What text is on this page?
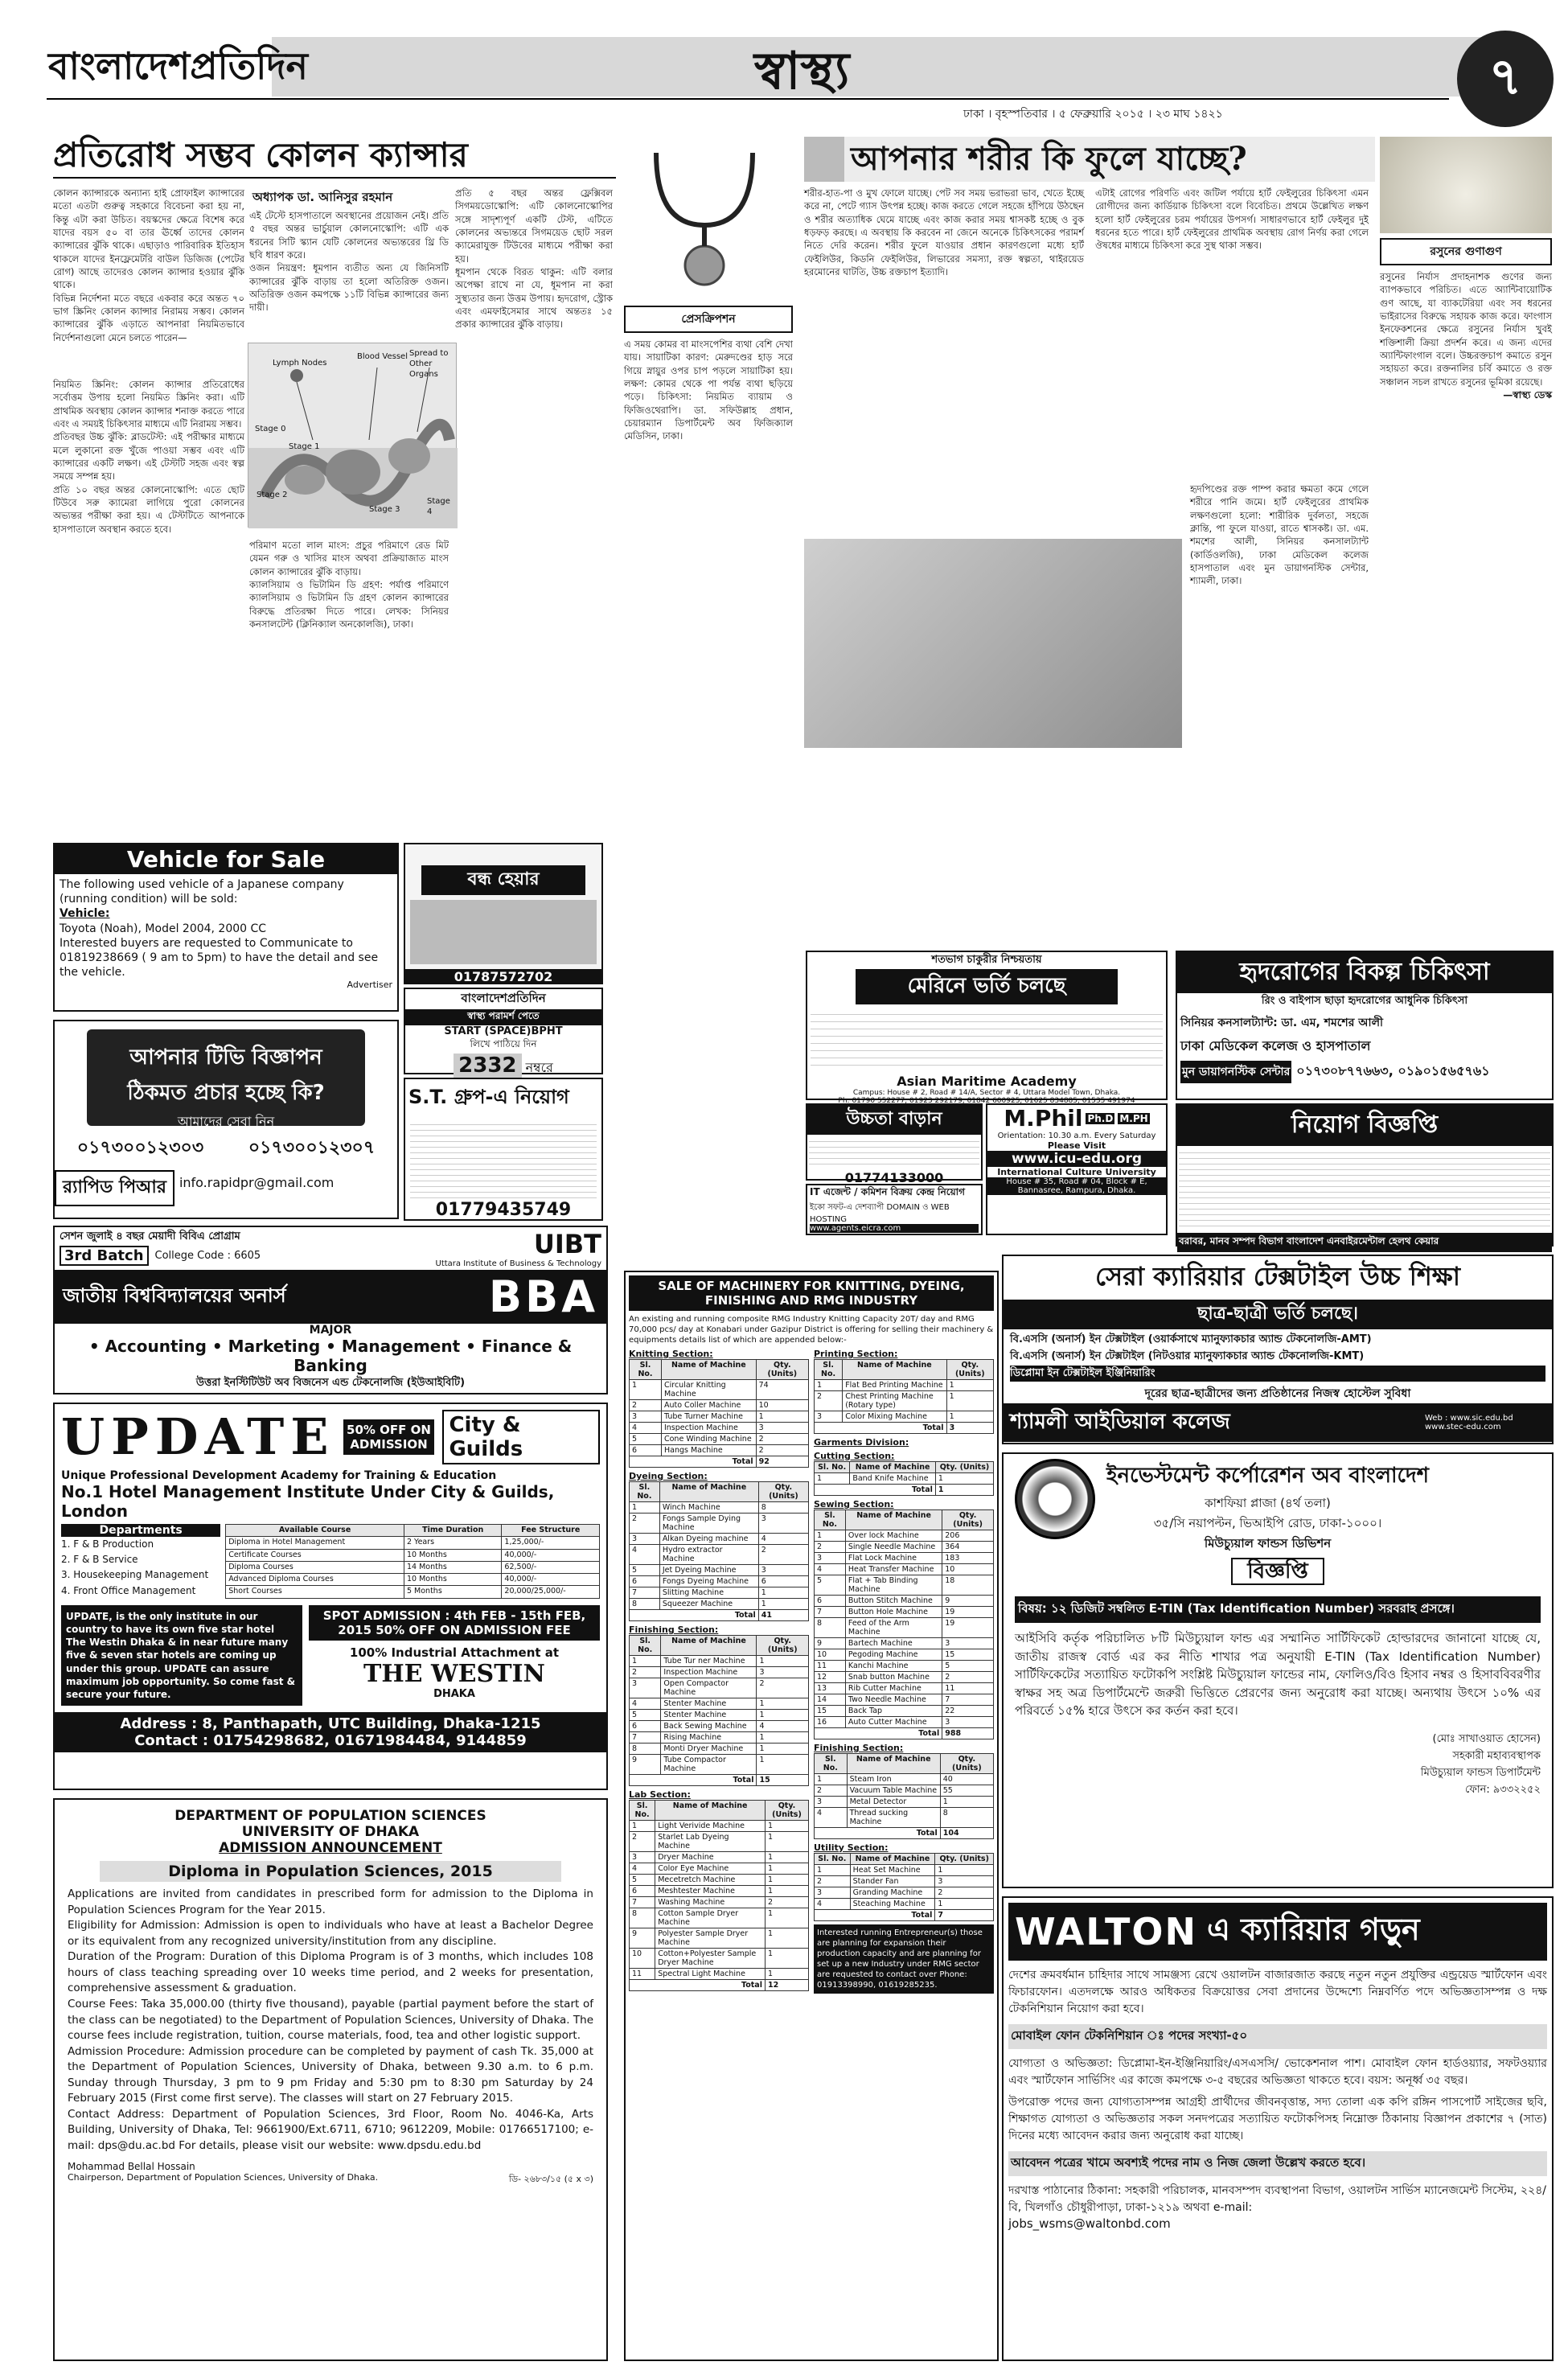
বাংলাদেশপ্রতিদিন	স্বাস্থ্য	৭
ঢাকা । বৃহস্পতিবার । ৫ ফেব্রুয়ারি ২০১৫ । ২৩ মাঘ ১৪২১
প্রতিরোধ সম্ভব কোলন ক্যান্সার
অধ্যাপক ডা. আনিসুর রহমান

কোলন ক্যান্সারকে অন্যান্য হাই প্রোফাইল ক্যান্সারের মতো এতটা গুরুত্ব সহকারে বিবেচনা করা হয় না, কিন্তু এটা করা উচিত। বয়স্কদের ক্ষেত্রে বিশেষ করে যাদের বয়স ৫০ বা তার ঊর্ধ্বে তাদের কোলন ক্যান্সারের ঝুঁকি থাকে। এছাড়াও পারিবারিক ইতিহাস থাকলে যাদের ইনফ্লেমেটরি বাউল ডিজিজ (পেটের রোগ) আছে তাদেরও কোলন ক্যান্সার হওয়ার ঝুঁকি থাকে।

বিভিন্ন নির্দেশনা মতে বছরে একবার করে অন্তত ৭০ ভাগ স্ক্রিনিং কোলন ক্যান্সার নিরাময় সম্ভব। কোলন ক্যান্সারের ঝুঁকি এড়াতে আপনারা নিয়মিতভাবে নির্দেশনাগুলো মেনে চলতে পারেন—

Lymph Nodes
Blood Vessel Spread to Other Organs
Stage 0
Stage 1
Stage 2
Stage 3
Stage 4

নিয়মিত স্ক্রিনিং: কোলন ক্যান্সার প্রতিরোধের সর্বোত্তম উপায় হলো নিয়মিত স্ক্রিনিং করা। এটি প্রাথমিক অবস্থায় কোলন ক্যান্সার শনাক্ত করতে পারে এবং এ সময়ই চিকিৎসার মাধ্যমে এটি নিরাময় সম্ভব।

প্রতিবছর উচ্চ ঝুঁকি: ব্লাডটেস্ট: এই পরীক্ষার মাধ্যমে মলে লুকানো রক্ত খুঁজে পাওয়া সম্ভব এবং এটি ক্যান্সারের একটি লক্ষণ। এই টেস্টটি সহজ এবং স্বল্প সময়ে সম্পন্ন হয়।

প্রতি ১০ বছর অন্তর কোলনোস্কোপি: এতে ছোট টিউবে সরু ক্যামেরা লাগিয়ে পুরো কোলনের অভ্যন্তর পরীক্ষা করা হয়। এ টেস্টটিতে আপনাকে হাসপাতালে অবস্থান করতে হবে।

এই টেস্টে হাসপাতালে অবস্থানের প্রয়োজন নেই। প্রতি ৫ বছর অন্তর ভার্চুয়াল কোলনোস্কোপি: এটি এক ধরনের সিটি স্ক্যান যেটি কোলনের অভ্যন্তরের থ্রি ডি ছবি ধারণ করে।

ওজন নিয়ন্ত্রণ: ধূমপান ব্যতীত অন্য যে জিনিসটি ক্যান্সারের ঝুঁকি বাড়ায় তা হলো অতিরিক্ত ওজন। অতিরিক্ত ওজন কমপক্ষে ১১টি বিভিন্ন ক্যান্সারের জন্য দায়ী।

পরিমাণ মতো লাল মাংস: প্রচুর পরিমাণে রেড মিট যেমন গরু ও খাসির মাংস অথবা প্রক্রিয়াজাত মাংস কোলন ক্যান্সারের ঝুঁকি বাড়ায়।

ক্যালসিয়াম ও ভিটামিন ডি গ্রহণ: পর্যাপ্ত পরিমাণে ক্যালসিয়াম ও ভিটামিন ডি গ্রহণ কোলন ক্যান্সারের বিরুদ্ধে প্রতিরক্ষা দিতে পারে। লেখক: সিনিয়র কনসালটেন্ট (ক্লিনিক্যাল অনকোলজি), ঢাকা।

প্রতি ৫ বছর অন্তর ফ্লেক্সিবল সিগময়ডোস্কোপি: এটি কোলনোস্কোপির সঙ্গে সাদৃশ্যপূর্ণ একটি টেস্ট, এটিতে কোলনের অভ্যন্তরে সিগময়েড ছোট সরল ক্যামেরাযুক্ত টিউবের মাধ্যমে পরীক্ষা করা হয়।

ধূমপান থেকে বিরত থাকুন: এটি বলার অপেক্ষা রাখে না যে, ধূমপান না করা সুস্থ্যতার জন্য উত্তম উপায়। হৃদরোগ, স্ট্রোক এবং এমফাইসেমার সাথে অন্ততঃ ১৫ প্রকার ক্যান্সারের ঝুঁকি বাড়ায়।	প্রেসক্রিপশন
এ সময় কোমর বা মাংসপেশির ব্যথা বেশি দেখা যায়। সায়াটিকা কারণ: মেরুদণ্ডের হাড় সরে গিয়ে স্নায়ুর ওপর চাপ পড়লে সায়াটিকা হয়। লক্ষণ: কোমর থেকে পা পর্যন্ত ব্যথা ছড়িয়ে পড়ে। চিকিৎসা: নিয়মিত ব্যায়াম ও ফিজিওথেরাপি। ডা. সফিউল্লাহ প্রধান, চেয়ারম্যান ডিপার্টমেন্ট অব ফিজিক্যাল মেডিসিন, ঢাকা।
আপনার শরীর কি ফুলে যাচ্ছে?
শরীর-হাত-পা ও মুখ ফোলে যাচ্ছে। পেট সব সময় ভরাভরা ভাব, খেতে ইচ্ছে করে না, পেটে গ্যাস উৎপন্ন হচ্ছে। কাজ করতে গেলে সহজে হাঁপিয়ে উঠছেন ও শরীর অত্যাধিক ঘেমে যাচ্ছে এবং কাজ করার সময় শ্বাসকষ্ট হচ্ছে ও বুক ধড়ফড় করছে। এ অবস্থায় কি করবেন না জেনে অনেকে চিকিৎসকের পরামর্শ নিতে দেরি করেন। শরীর ফুলে যাওয়ার প্রধান কারণগুলো মধ্যে হার্ট ফেইলিউর, কিডনি ফেইলিউর, লিভারের সমস্যা, রক্ত স্বল্পতা, থাইরয়েড হরমোনের ঘাটতি, উচ্চ রক্তচাপ ইত্যাদি।
এটাই রোগের পরিণতি এবং জটিল পর্যায়ে হার্ট ফেইলুরের চিকিৎসা এমন রোগীদের জন্য কার্ডিয়াক চিকিৎসা বলে বিবেচিত। প্রথমে উল্লেখিত লক্ষণ হলো হার্ট ফেইলুরের চরম পর্যায়ের উপসর্গ। সাধারণভাবে হার্ট ফেইলুর দুই ধরনের হতে পারে। হার্ট ফেইলুরের প্রাথমিক অবস্থায় রোগ নির্ণয় করা গেলে ঔষধের মাধ্যমে চিকিৎসা করে সুস্থ থাকা সম্ভব।
হৃদপিণ্ডের রক্ত পাম্প করার ক্ষমতা কমে গেলে শরীরে পানি জমে। হার্ট ফেইলুরের প্রাথমিক লক্ষণগুলো হলো: শারীরিক দুর্বলতা, সহজে ক্লান্তি, পা ফুলে যাওয়া, রাতে শ্বাসকষ্ট। ডা. এম. শমশের আলী, সিনিয়র কনসালট্যান্ট (কার্ডিওলজি), ঢাকা মেডিকেল কলেজ হাসপাতাল এবং মুন ডায়াগনস্টিক সেন্টার, শ্যামলী, ঢাকা।
রসুনের গুণাগুণ
রসুনের নির্যাস প্রদাহনাশক গুণের জন্য ব্যাপকভাবে পরিচিত। এতে অ্যান্টিবায়োটিক গুণ আছে, যা ব্যাকটেরিয়া এবং সব ধরনের ভাইরাসের বিরুদ্ধে সহায়ক কাজ করে। ফাংগাস ইনফেকশনের ক্ষেত্রে রসুনের নির্যাস খুবই শক্তিশালী ক্রিয়া প্রদর্শন করে। এ জন্য এদের অ্যান্টিফাংগাল বলে। উচ্চরক্তচাপ কমাতে রসুন সহায়তা করে। রক্তনালির চর্বি কমাতে ও রক্ত সঞ্চালন সচল রাখতে রসুনের ভূমিকা রয়েছে।
—স্বাস্থ্য ডেস্ক
Vehicle for Sale
The following used vehicle of a Japanese company
(running condition) will be sold:
Vehicle:
Toyota (Noah), Model 2004, 2000 CC
Interested buyers are requested to Communicate to 01819238669 ( 9 am to 5pm) to have the detail and see the vehicle.
Advertiser
বন্ধ হেয়ার
01787572702
বাংলাদেশপ্রতিদিন
স্বাস্থ্য পরামর্শ পেতে
START (SPACE)BPHT
লিখে পাঠিয়ে দিন
2332 নম্বরে
আপনার টিভি বিজ্ঞাপন
ঠিকমত প্রচার হচ্ছে কি?
আমাদের সেবা নিন
০১৭৩০০১২৩০৩	০১৭৩০০১২৩০৭
র‌্যাপিড পিআর	info.rapidpr@gmail.com
S.T. গ্রুপ-এ নিয়োগ
01779435749
সেশন জুলাই ৪ বছর মেয়াদী বিবিএ প্রোগ্রাম
3rd Batch	College Code : 6605	UIBT
Uttara Institute of Business & Technology
জাতীয় বিশ্ববিদ্যালয়ের অনার্স	BBA
MAJOR
• Accounting • Marketing • Management • Finance & Banking
উত্তরা ইনস্টিটিউট অব বিজনেস এন্ড টেকনোলজি (ইউআইবিটি)
UPDATE 50% OFF ON ADMISSION
City & Guilds
Unique Professional Development Academy for Training & Education
No.1 Hotel Management Institute Under City & Guilds, London
Departments
1. F & B Production
2. F & B Service
3. Housekeeping Management
4. Front Office Management
Available Course	Time Duration	Fee Structure
Diploma in Hotel Management	2 Years	1,25,000/-
Certificate Courses	10 Months	40,000/-
Diploma Courses	14 Months	62,500/-
Advanced Diploma Courses	10 Months	40,000/-
Short Courses	5 Months	20,000/25,000/-
UPDATE, is the only institute in our country to have its own five star hotel The Westin Dhaka & in near future many five & seven star hotels are coming up under this group. UPDATE can assure maximum job opportunity. So come fast & secure your future.
SPOT ADMISSION : 4th FEB - 15th FEB, 2015 50% OFF ON ADMISSION FEE
100% Industrial Attachment at
THE WESTIN
DHAKA
Address : 8, Panthapath, UTC Building, Dhaka-1215
Contact : 01754298682, 01671984484, 9144859
DEPARTMENT OF POPULATION SCIENCES
UNIVERSITY OF DHAKA
ADMISSION ANNOUNCEMENT
Diploma in Population Sciences, 2015

Applications are invited from candidates in prescribed form for admission to the Diploma in Population Sciences Program for the Year 2015.

Eligibility for Admission: Admission is open to individuals who have at least a Bachelor Degree or its equivalent from any recognized university/institution from any discipline.

Duration of the Program: Duration of this Diploma Program is of 3 months, which includes 108 hours of class teaching spreading over 10 weeks time period, and 2 weeks for presentation, comprehensive assessment & graduation.

Course Fees: Taka 35,000.00 (thirty five thousand), payable (partial payment before the start of the class can be negotiated) to the Department of Population Sciences, University of Dhaka. The course fees include registration, tuition, course materials, food, tea and other logistic support.

Admission Procedure: Admission procedure can be completed by payment of cash Tk. 35,000 at the Department of Population Sciences, University of Dhaka, between 9.30 a.m. to 6 p.m. Sunday through Thursday, 3 pm to 9 pm Friday and 5:30 pm to 8:30 pm Saturday by 24 February 2015 (First come first serve). The classes will start on 27 February 2015.

Contact Address: Department of Population Sciences, 3rd Floor, Room No. 4046-Ka, Arts Building, University of Dhaka, Tel: 9661900/Ext.6711, 6710; 9612209, Mobile: 01766517100; e-mail: dps@du.ac.bd For details, please visit our website: www.dpsdu.edu.bd

Mohammad Bellal Hossain
Chairperson, Department of Population Sciences, University of Dhaka.	ডি- ২৬৮৩/১৫ (৫ x ৩)
শতভাগ চাকুরীর নিশ্চয়তায়
মেরিনে ভর্তি চলছে
Asian Maritime Academy
Campus: House # 2, Road # 14/A, Sector # 4, Uttara Model Town, Dhaka.
Ph: 01790 552277, 01923 292179, 01842 600925, 01625 834885, 01535 491974
উচ্চতা বাড়ান
01774133000
M.Phil Ph.D M.PH
Orientation: 10.30 a.m. Every Saturday
Please Visit
www.icu-edu.org
International Culture University
House # 35, Road # 04, Block # E, Bannasree, Rampura, Dhaka.
IT এজেন্ট / কমিশন বিক্রয় কেন্দ্র নিয়োগ
ইকো সফট-এ দেশব্যাপী DOMAIN ও WEB HOSTING
www.agents.eicra.com
SALE OF MACHINERY FOR KNITTING, DYEING, FINISHING AND RMG INDUSTRY
An existing and running composite RMG Industry Knitting Capacity 20T/ day and RMG 70,000 pcs/ day at Konabari under Gazipur District is offering for selling their machinery & equipments details list of which are appended below:-
Knitting Section:
Sl. No.	Name of Machine	Qty. (Units)
1	Circular Knitting Machine	74
2	Auto Coller Machine	10
3	Tube Turner Machine	1
4	Inspection Machine	3
5	Cone Winding Machine	2
6	Hangs Machine	2
Total		92
Dyeing Section:
Sl. No.	Name of Machine	Qty. (Units)
1	Winch Machine	8
2	Fongs Sample Dying Machine	3
3	Alkan Dyeing machine	4
4	Hydro extractor Machine	2
5	Jet Dyeing Machine	3
6	Fongs Dyeing Machine	6
7	Slitting Machine	1
8	Squeezer Machine	1
Total		41
Finishing Section:
Sl. No.	Name of Machine	Qty. (Units)
1	Tube Tur ner Machine	1
2	Inspection Machine	3
3	Open Compactor Machine	2
4	Stenter Machine	1
5	Stenter Machine	1
6	Back Sewing Machine	4
7	Rising Machine	1
8	Monti Dryer Machine	1
9	Tube Compactor Machine	1
Total		15
Lab Section:
Sl. No.	Name of Machine	Qty. (Units)
1	Light Verivide Machine	1
2	Starlet Lab Dyeing Machine	1
3	Dryer Machine	1
4	Color Eye Machine	1
5	Mecetretch Machine	1
6	Meshtester Machine	1
7	Washing Machine	2
8	Cotton Sample Dryer Machine	1
9	Polyester Sample Dryer Machine	1
10	Cotton+Polyester Sample Dryer Machine	1
11	Spectral Light Machine	1
Total		12
Printing Section:
Sl. No.	Name of Machine	Qty. (Units)
1	Flat Bed Printing Machine	1
2	Chest Printing Machine (Rotary type)	1
3	Color Mixing Machine	1
Total		3
Garments Division:
Cutting Section:
Sl. No.	Name of Machine	Qty. (Units)
1	Band Knife Machine	1
Total		1
Sewing Section:
Sl. No.	Name of Machine	Qty. (Units)
1	Over lock Machine	206
2	Single Needle Machine	364
3	Flat Lock Machine	183
4	Heat Transfer Machine	10
5	Flat + Tab Binding Machine	18
6	Button Stitch Machine	9
7	Button Hole Machine	19
8	Feed of the Arm Machine	19
9	Bartech Machine	3
10	Pegoding Machine	15
11	Kanchi Machine	5
12	Snab button Machine	2
13	Rib Cutter Machine	11
14	Two Needle Machine	7
15	Back Tap	22
16	Auto Cutter Machine	3
Total		988
Finishing Section:
Sl. No.	Name of Machine	Qty. (Units)
1	Steam Iron	40
2	Vacuum Table Machine	55
3	Metal Detector	1
4	Thread sucking Machine	8
Total		104
Utility Section:
Sl. No.	Name of Machine	Qty. (Units)
1	Heat Set Machine	1
2	Stander Fan	3
3	Granding Machine	2
4	Steaching Machine	1
Total		7
Interested running Entrepreneur(s) those are planning for expansion their production capacity and are planning for set up a new Industry under RMG sector are requested to contact over Phone: 01913398990, 01619285235.
হৃদরোগের বিকল্প চিকিৎসা
রিং ও বাইপাস ছাড়া হৃদরোগের আধুনিক চিকিৎসা
সিনিয়র কনসালট্যান্ট: ডা. এম, শমশের আলী
ঢাকা মেডিকেল কলেজ ও হাসপাতাল
মুন ডায়াগনস্টিক সেন্টার ০১৭৩০৮৭৭৬৬৩, ০১৯০১৫৬৫৭৬১
নিয়োগ বিজ্ঞপ্তি
বরাবর, মানব সম্পদ বিভাগ বাংলাদেশ এনবাইরমেন্টাল হেলথ কেয়ার
সেরা ক্যারিয়ার টেক্সটাইল উচ্চ শিক্ষা
ছাত্র-ছাত্রী ভর্তি চলছে।
বি.এসসি (অনার্স) ইন টেক্সটাইল (ওয়ার্কসাথে ম্যানুফ্যাকচার অ্যান্ড টেকনোলজি-AMT)
বি.এসসি (অনার্স) ইন টেক্সটাইল (নিটওয়ার ম্যানুফ্যাকচার অ্যান্ড টেকনোলজি-KMT)
ডিপ্লোমা ইন টেক্সটাইল ইঞ্জিনিয়ারিং
দূরের ছাত্র-ছাত্রীদের জন্য প্রতিষ্ঠানের নিজস্ব হোস্টেল সুবিধা
শ্যামলী আইডিয়াল কলেজ	Web : www.sic.edu.bd www.stec-edu.com
ইনভেস্টমেন্ট কর্পোরেশন অব বাংলাদেশ
কাশফিয়া প্লাজা (৪র্থ তলা)
৩৫/সি নয়াপল্টন, ভিআইপি রোড, ঢাকা-১০০০।
মিউচ্যুয়াল ফান্ডস ডিভিশন
বিজ্ঞপ্তি
বিষয়: ১২ ডিজিট সম্বলিত E-TIN (Tax Identification Number) সরবরাহ প্রসঙ্গে।
আইসিবি কর্তৃক পরিচালিত ৮টি মিউচ্যুয়াল ফান্ড এর সম্মানিত সার্টিফিকেট হোল্ডারদের জানানো যাচ্ছে যে, জাতীয় রাজস্ব বোর্ড এর কর নীতি শাখার পত্র অনুযায়ী E-TIN (Tax Identification Number) সার্টিফিকেটের সত্যায়িত ফটোকপি সংশ্লিষ্ট মিউচ্যুয়াল ফান্ডের নাম, ফোলিও/বিও হিসাব নম্বর ও হিসাববিবরণীর স্বাক্ষর সহ অত্র ডিপার্টমেন্টে জরুরী ভিত্তিতে প্রেরণের জন্য অনুরোধ করা যাচ্ছে। অন্যথায় উৎসে ১০% এর পরিবর্তে ১৫% হারে উৎসে কর কর্তন করা হবে।
(মোঃ সাখাওয়াত হোসেন)
সহকারী মহাব্যবস্থাপক
মিউচ্যুয়াল ফান্ডস ডিপার্টমেন্ট
ফোন: ৯৩৩২২৫২
WALTON এ ক্যারিয়ার গড়ুন
দেশের ক্রমবর্ধমান চাহিদার সাথে সামঞ্জস্য রেখে ওয়ালটন বাজারজাত করছে নতুন নতুন প্রযুক্তির এন্ড্রয়েড স্মার্টফোন এবং ফিচারফোন। এতদলক্ষে আরও অধিকতর বিক্রয়োত্তর সেবা প্রদানের উদ্দেশ্যে নিম্নবর্ণিত পদে অভিজ্ঞতাসম্পন্ন ও দক্ষ টেকনিশিয়ান নিয়োগ করা হবে।
মোবাইল ফোন টেকনিশিয়ান ঃ পদের সংখ্যা-৫০
যোগ্যতা ও অভিজ্ঞতা: ডিপ্লোমা-ইন-ইঞ্জিনিয়ারিং/এসএসসি/ ভোকেশনাল পাশ। মোবাইল ফোন হার্ডওয়্যার, সফটওয়্যার এবং স্মার্টফোন সার্ভিসিং এর কাজে কমপক্ষে ৩-৫ বছরের অভিজ্ঞতা থাকতে হবে। বয়স: অনূর্ধ্ব ৩৫ বছর।
উপরোক্ত পদের জন্য যোগ্যতাসম্পন্ন আগ্রহী প্রার্থীদের জীবনবৃত্তান্ত, সদ্য তোলা এক কপি রঙ্গিন পাসপোর্ট সাইজের ছবি, শিক্ষাগত যোগ্যতা ও অভিজ্ঞতার সকল সনদপত্রের সত্যায়িত ফটোকপিসহ নিম্নোক্ত ঠিকানায় বিজ্ঞাপন প্রকাশের ৭ (সাত) দিনের মধ্যে আবেদন করার জন্য অনুরোধ করা যাচ্ছে।
আবেদন পত্রের খামে অবশ্যই পদের নাম ও নিজ জেলা উল্লেখ করতে হবে।
দরখাস্ত পাঠানোর ঠিকানা: সহকারী পরিচালক, মানবসম্পদ ব্যবস্থাপনা বিভাগ, ওয়ালটন সার্ভিস ম্যানেজমেন্ট সিস্টেম, ২২৪/ বি, খিলগাঁও চৌধুরীপাড়া, ঢাকা-১২১৯ অথবা e-mail:
jobs_wsms@waltonbd.com
